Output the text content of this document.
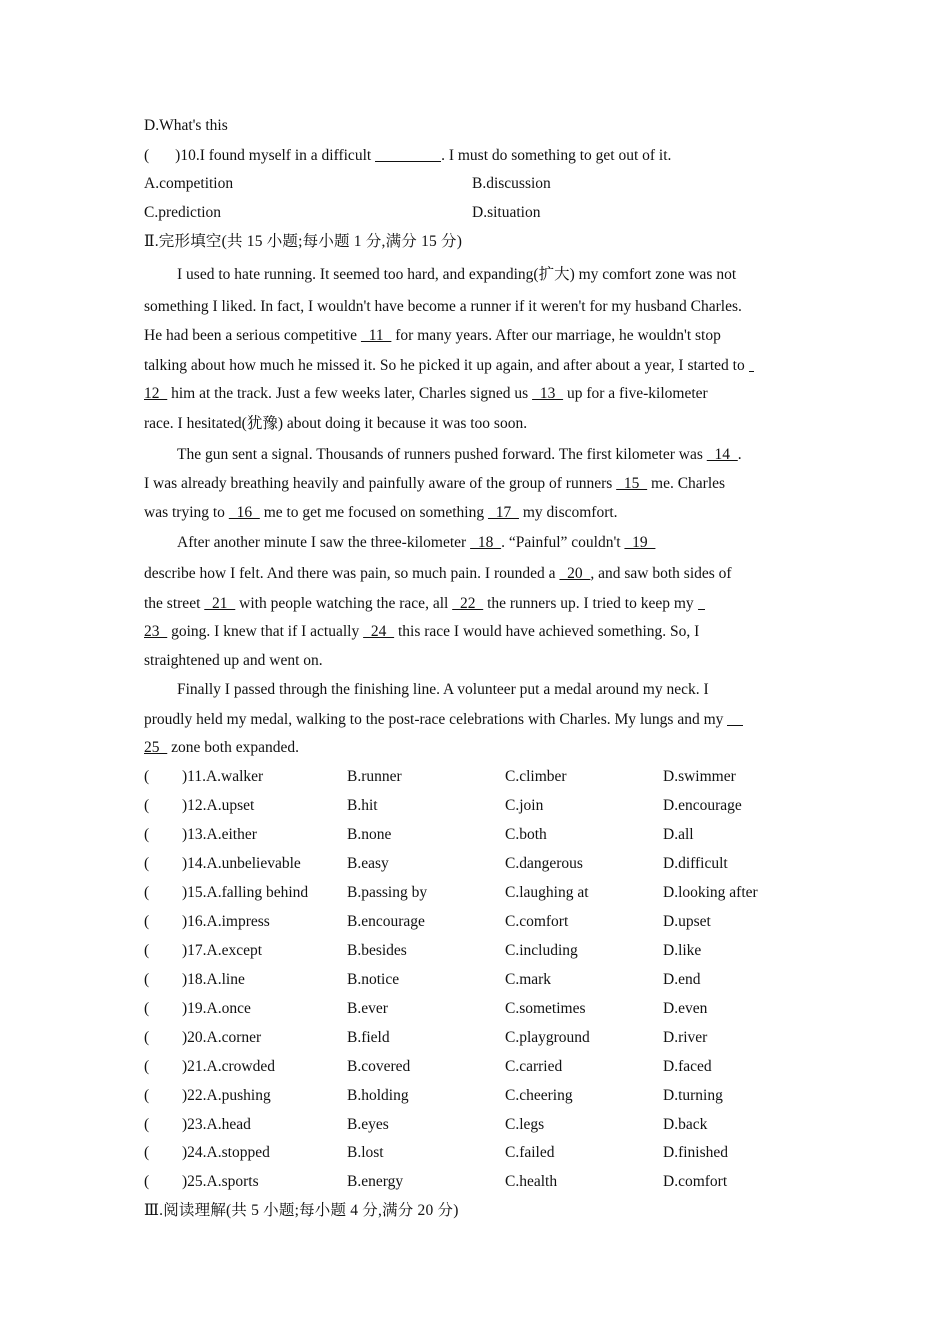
D.What's this
( )10.I found myself in a difficult	. I must do something to get out of it.
A.competition	B.discussion
C.prediction	D.situation
Ⅱ.完形填空(共 15 小题;每小题 1 分,满分 15 分)
I used to hate running. It seemed too hard, and expanding(扩大) my comfort zone was not
something I liked. In fact, I wouldn't have become a runner if it weren't for my husband Charles.
He had been a serious competitive   11   for many years. After our marriage, he wouldn't stop
talking about how much he missed it. So he picked it up again, and after about a year, I started to
12   him at the track. Just a few weeks later, Charles signed us   13   up for a five-kilometer
race. I hesitated(犹豫) about doing it because it was too soon.
The gun sent a signal. Thousands of runners pushed forward. The first kilometer was   14  .
I was already breathing heavily and painfully aware of the group of runners   15   me. Charles
was trying to   16   me to get me focused on something   17   my discomfort.
After another minute I saw the three-kilometer   18  . “Painful” couldn't   19
describe how I felt. And there was pain, so much pain. I rounded a   20  , and saw both sides of
the street   21   with people watching the race, all   22   the runners up. I tried to keep my
23   going. I knew that if I actually   24   this race I would have achieved something. So, I
straightened up and went on.
Finally I passed through the finishing line. A volunteer put a medal around my neck. I
proudly held my medal, walking to the post-race celebrations with Charles. My lungs and my
25   zone both expanded.
( )11.A.walker	B.runner	C.climber	D.swimmer
( )12.A.upset	B.hit	C.join	D.encourage
( )13.A.either	B.none	C.both	D.all
( )14.A.unbelievable	B.easy	C.dangerous	D.difficult
( )15.A.falling behind	B.passing by	C.laughing at	D.looking after
( )16.A.impress	B.encourage	C.comfort	D.upset
( )17.A.except	B.besides	C.including	D.like
( )18.A.line	B.notice	C.mark	D.end
( )19.A.once	B.ever	C.sometimes	D.even
( )20.A.corner	B.field	C.playground	D.river
( )21.A.crowded	B.covered	C.carried	D.faced
( )22.A.pushing	B.holding	C.cheering	D.turning
( )23.A.head	B.eyes	C.legs	D.back
( )24.A.stopped	B.lost	C.failed	D.finished
( )25.A.sports	B.energy	C.health	D.comfort
Ⅲ.阅读理解(共 5 小题;每小题 4 分,满分 20 分)
